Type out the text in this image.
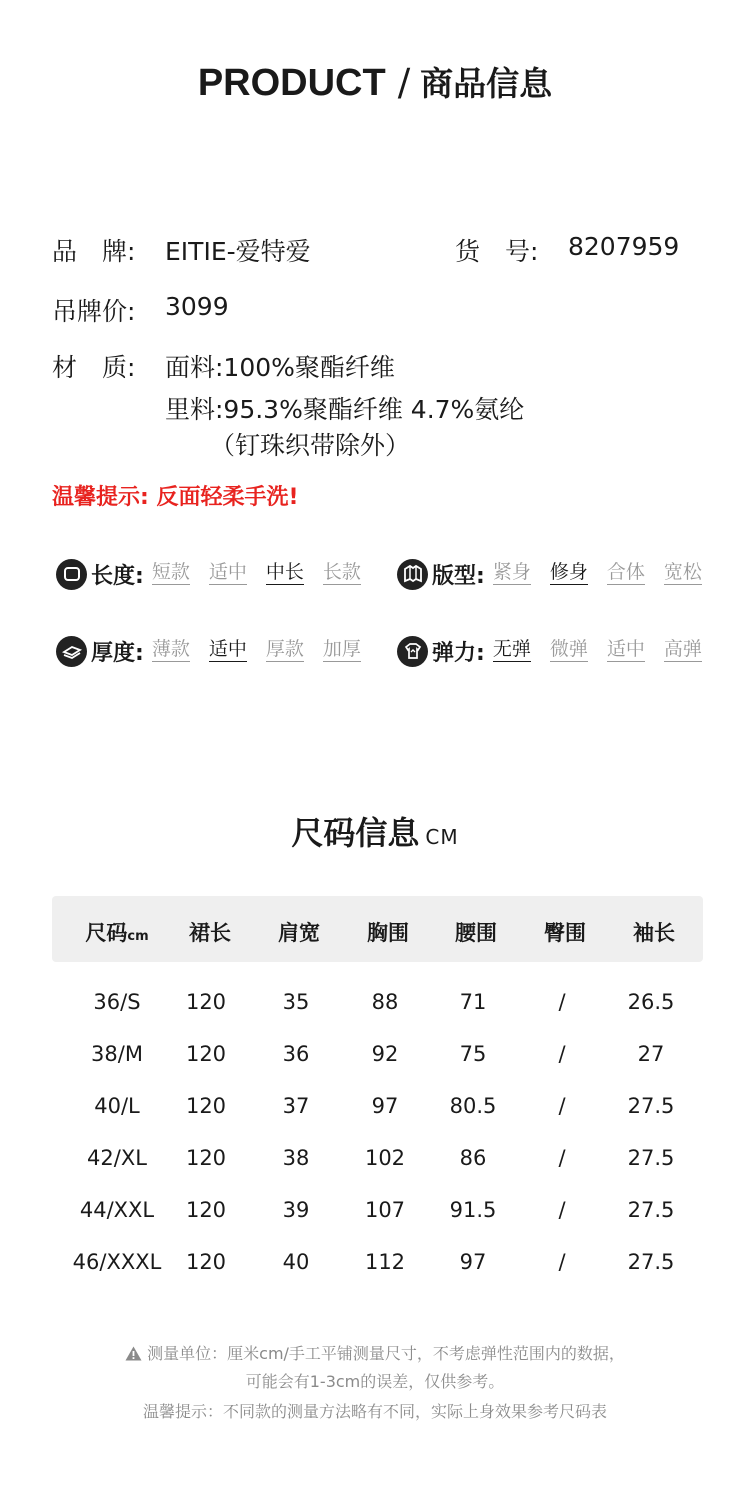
PRODUCT / 商品信息
品　牌: EITIE-爱特爱	货　号: 8207959
吊牌价: 3099
材　质: 面料:100%聚酯纤维
里料:95.3%聚酯纤维 4.7%氨纶
（钉珠织带除外）
温馨提示: 反面轻柔手洗!
长度: 短款 适中 中长 长款	版型: 紧身 修身 合体 宽松
厚度: 薄款 适中 厚款 加厚	弹力: 无弹 微弹 适中 高弹
尺码信息 CM
尺码cm	裙长	肩宽	胸围	腰围	臀围	袖长
36/S	120	35	88	71	/	26.5
38/M	120	36	92	75	/	27
40/L	120	37	97	80.5	/	27.5
42/XL	120	38	102	86	/	27.5
44/XXL	120	39	107	91.5	/	27.5
46/XXXL	120	40	112	97	/	27.5
测量单位：厘米cm/手工平铺测量尺寸，不考虑弹性范围内的数据，
可能会有1-3cm的误差，仅供参考。
温馨提示：不同款的测量方法略有不同，实际上身效果参考尺码表
